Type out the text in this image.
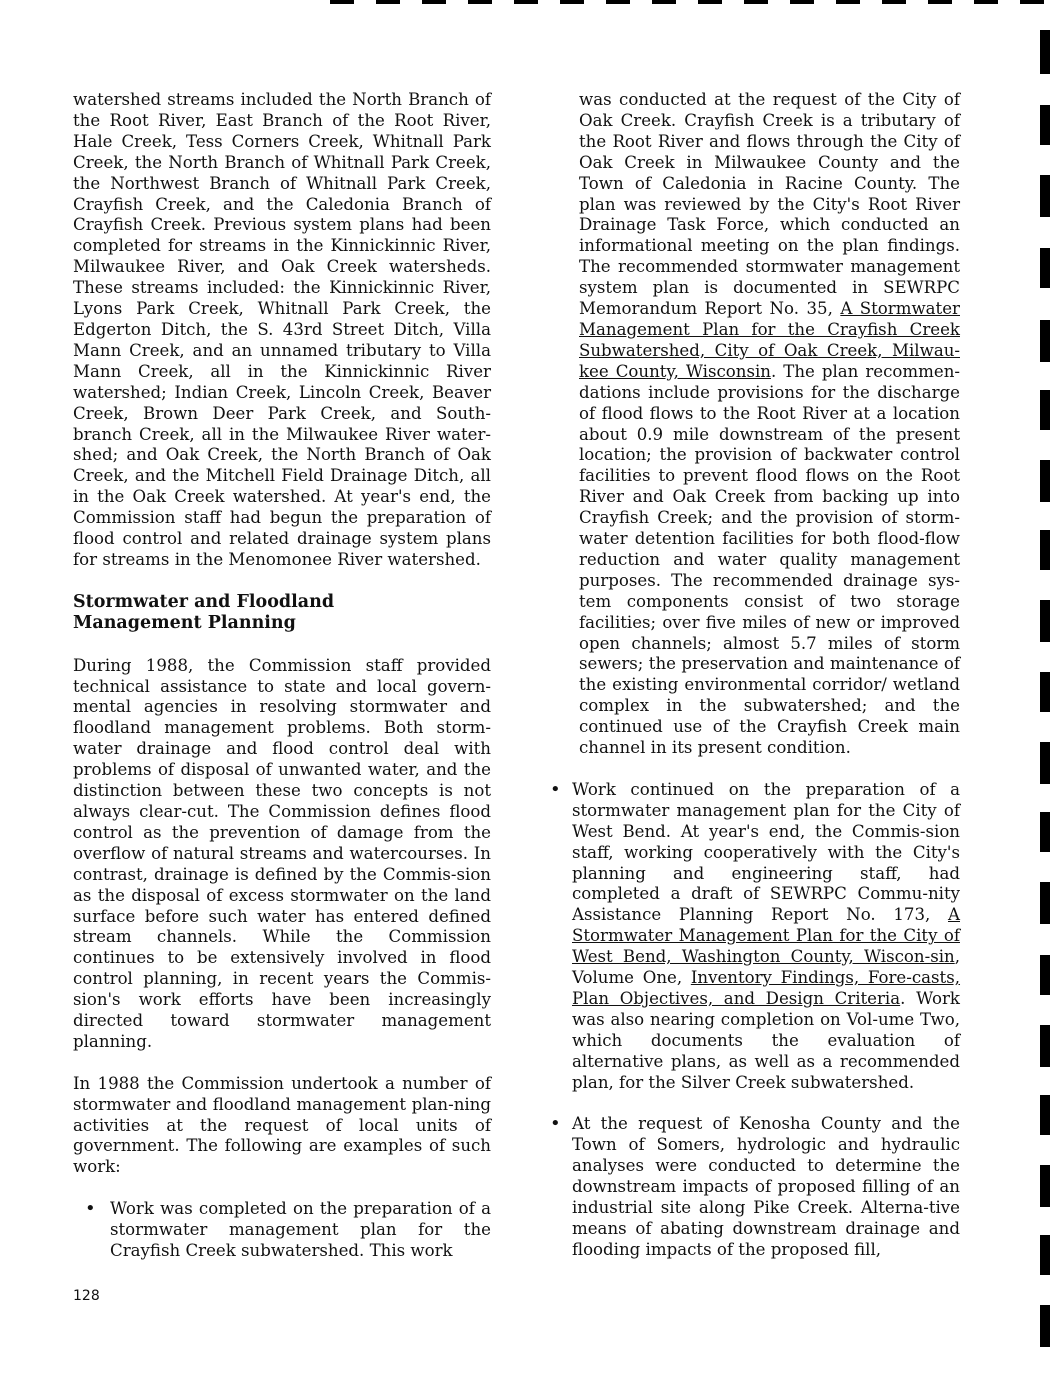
watershed streams included the North Branch of the Root River, East Branch of the Root River, Hale Creek, Tess Corners Creek, Whitnall Park Creek, the North Branch of Whitnall Park Creek, the Northwest Branch of Whitnall Park Creek, Crayfish Creek, and the Caledonia Branch of Crayfish Creek. Previous system plans had been completed for streams in the Kinnickinnic River, Milwaukee River, and Oak Creek watersheds. These streams included: the Kinnickinnic River, Lyons Park Creek, Whitnall Park Creek, the Edgerton Ditch, the S. 43rd Street Ditch, Villa Mann Creek, and an unnamed tributary to Villa Mann Creek, all in the Kinnickinnic River watershed; Indian Creek, Lincoln Creek, Beaver Creek, Brown Deer Park Creek, and South-branch Creek, all in the Milwaukee River water-shed; and Oak Creek, the North Branch of Oak Creek, and the Mitchell Field Drainage Ditch, all in the Oak Creek watershed. At year's end, the Commission staff had begun the preparation of flood control and related drainage system plans for streams in the Menomonee River watershed.

Stormwater and Floodland
Management Planning

During 1988, the Commission staff provided technical assistance to state and local govern-mental agencies in resolving stormwater and floodland management problems. Both storm-water drainage and flood control deal with problems of disposal of unwanted water, and the distinction between these two concepts is not always clear-cut. The Commission defines flood control as the prevention of damage from the overflow of natural streams and watercourses. In contrast, drainage is defined by the Commis-sion as the disposal of excess stormwater on the land surface before such water has entered defined stream channels. While the Commission continues to be extensively involved in flood control planning, in recent years the Commis-sion's work efforts have been increasingly directed toward stormwater management planning.

In 1988 the Commission undertook a number of stormwater and floodland management plan-ning activities at the request of local units of government. The following are examples of such work:

• Work was completed on the preparation of a stormwater management plan for the Crayfish Creek subwatershed. This work

was conducted at the request of the City of Oak Creek. Crayfish Creek is a tributary of the Root River and flows through the City of Oak Creek in Milwaukee County and the Town of Caledonia in Racine County. The plan was reviewed by the City's Root River Drainage Task Force, which conducted an informational meeting on the plan findings. The recommended stormwater management system plan is documented in SEWRPC Memorandum Report No. 35, A Stormwater Management Plan for the Crayfish Creek Subwatershed, City of Oak Creek, Milwau-kee County, Wisconsin. The plan recommen-dations include provisions for the discharge of flood flows to the Root River at a location about 0.9 mile downstream of the present location; the provision of backwater control facilities to prevent flood flows on the Root River and Oak Creek from backing up into Crayfish Creek; and the provision of storm-water detention facilities for both flood-flow reduction and water quality management purposes. The recommended drainage sys-tem components consist of two storage facilities; over five miles of new or improved open channels; almost 5.7 miles of storm sewers; the preservation and maintenance of the existing environmental corridor/ wetland complex in the subwatershed; and the continued use of the Crayfish Creek main channel in its present condition.

• Work continued on the preparation of a stormwater management plan for the City of West Bend. At year's end, the Commis-sion staff, working cooperatively with the City's planning and engineering staff, had completed a draft of SEWRPC Commu-nity Assistance Planning Report No. 173, A Stormwater Management Plan for the City of West Bend, Washington County, Wiscon-sin, Volume One, Inventory Findings, Fore-casts, Plan Objectives, and Design Criteria. Work was also nearing completion on Vol-ume Two, which documents the evaluation of alternative plans, as well as a recommended plan, for the Silver Creek subwatershed.

• At the request of Kenosha County and the Town of Somers, hydrologic and hydraulic analyses were conducted to determine the downstream impacts of proposed filling of an industrial site along Pike Creek. Alterna-tive means of abating downstream drainage and flooding impacts of the proposed fill,

128
